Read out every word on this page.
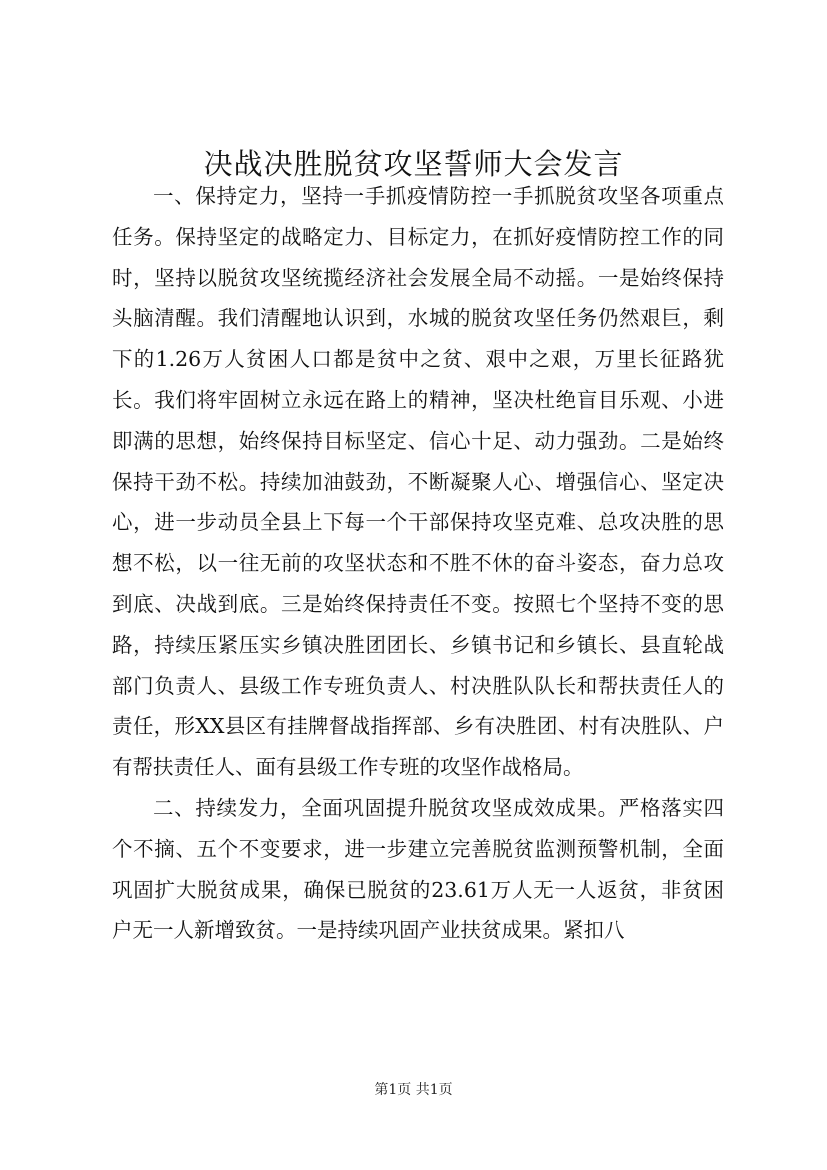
决战决胜脱贫攻坚誓师大会发言

一、保持定力，坚持一手抓疫情防控一手抓脱贫攻坚各项重点任务。保持坚定的战略定力、目标定力，在抓好疫情防控工作的同时，坚持以脱贫攻坚统揽经济社会发展全局不动摇。一是始终保持头脑清醒。我们清醒地认识到，水城的脱贫攻坚任务仍然艰巨，剩下的1.26万人贫困人口都是贫中之贫、艰中之艰，万里长征路犹长。我们将牢固树立永远在路上的精神，坚决杜绝盲目乐观、小进即满的思想，始终保持目标坚定、信心十足、动力强劲。二是始终保持干劲不松。持续加油鼓劲，不断凝聚人心、增强信心、坚定决心，进一步动员全县上下每一个干部保持攻坚克难、总攻决胜的思想不松，以一往无前的攻坚状态和不胜不休的奋斗姿态，奋力总攻到底、决战到底。三是始终保持责任不变。按照七个坚持不变的思路，持续压紧压实乡镇决胜团团长、乡镇书记和乡镇长、县直轮战部门负责人、县级工作专班负责人、村决胜队队长和帮扶责任人的责任，形XX县区有挂牌督战指挥部、乡有决胜团、村有决胜队、户有帮扶责任人、面有县级工作专班的攻坚作战格局。

二、持续发力，全面巩固提升脱贫攻坚成效成果。严格落实四个不摘、五个不变要求，进一步建立完善脱贫监测预警机制，全面巩固扩大脱贫成果，确保已脱贫的23.61万人无一人返贫，非贫困户无一人新增致贫。一是持续巩固产业扶贫成果。紧扣八

第1页 共1页
